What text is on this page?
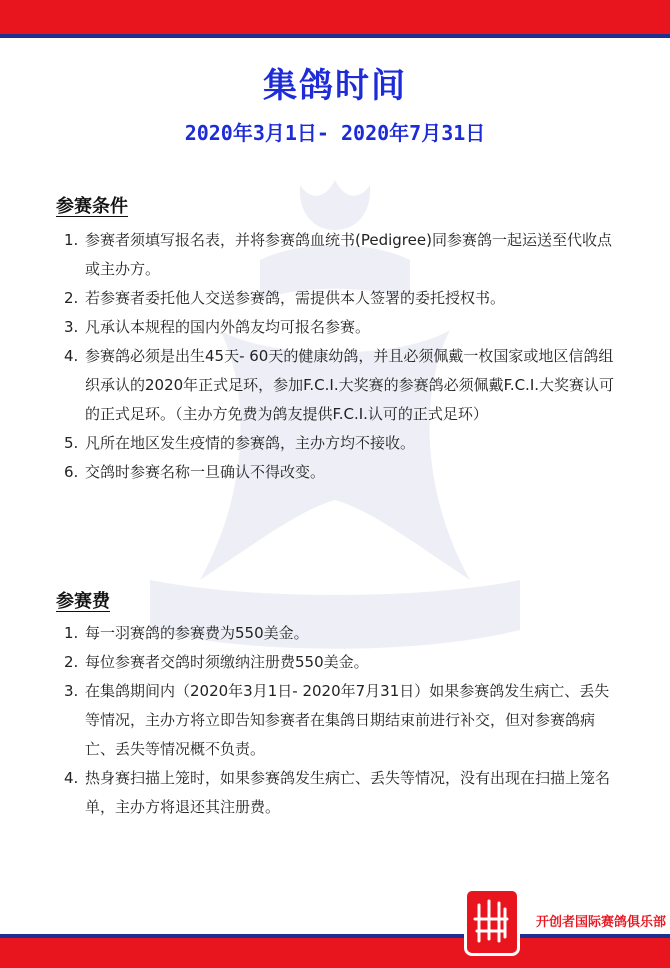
集鸽时间
2020年3月1日- 2020年7月31日
参赛条件
1. 参赛者须填写报名表，并将参赛鸽血统书(Pedigree)同参赛鸽一起运送至代收点或主办方。
2. 若参赛者委托他人交送参赛鸽，需提供本人签署的委托授权书。
3. 凡承认本规程的国内外鸽友均可报名参赛。
4. 参赛鸽必须是出生45天- 60天的健康幼鸽，并且必须佩戴一枚国家或地区信鸽组织承认的2020年正式足环，参加F.C.I.大奖赛的参赛鸽必须佩戴F.C.I.大奖赛认可的正式足环。（主办方免费为鸽友提供F.C.I.认可的正式足环）
5. 凡所在地区发生疫情的参赛鸽，主办方均不接收。
6. 交鸽时参赛名称一旦确认不得改变。
参赛费
1. 每一羽赛鸽的参赛费为550美金。
2. 每位参赛者交鸽时须缴纳注册费550美金。
3. 在集鸽期间内（2020年3月1日- 2020年7月31日）如果参赛鸽发生病亡、丢失等情况，主办方将立即告知参赛者在集鸽日期结束前进行补交，但对参赛鸽病亡、丢失等情况概不负责。
4. 热身赛扫描上笼时，如果参赛鸽发生病亡、丢失等情况，没有出现在扫描上笼名单，主办方将退还其注册费。
开创者国际赛鸽俱乐部
